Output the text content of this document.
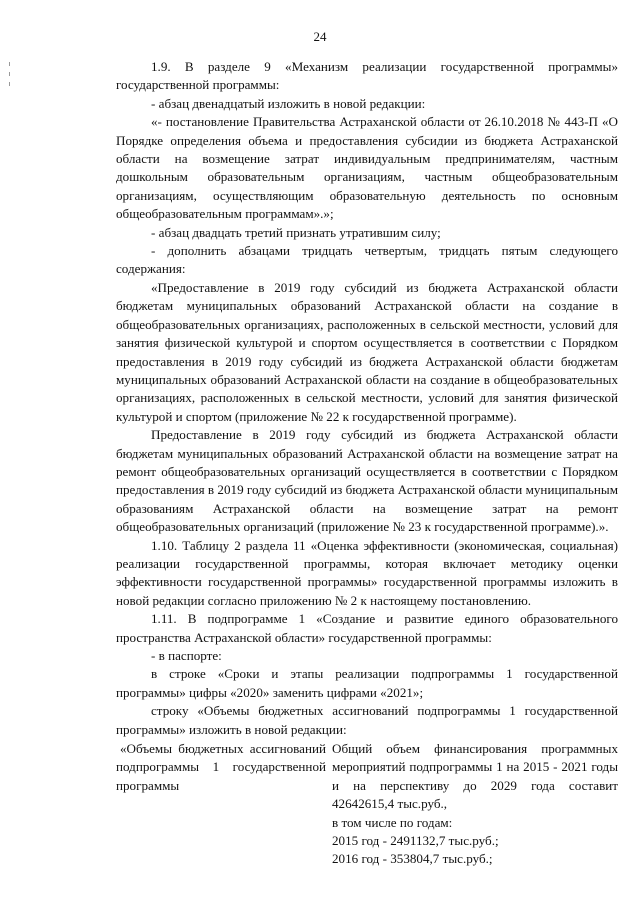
24

1.9. В разделе 9 «Механизм реализации государственной программы» государственной программы:

- абзац двенадцатый изложить в новой редакции:

«- постановление Правительства Астраханской области от 26.10.2018 № 443-П «О Порядке определения объема и предоставления субсидии из бюджета Астраханской области на возмещение затрат индивидуальным предпринимателям, частным дошкольным образовательным организациям, частным общеобразовательным организациям, осуществляющим образовательную деятельность по основным общеобразовательным программам».»;

- абзац двадцать третий признать утратившим силу;

- дополнить абзацами тридцать четвертым, тридцать пятым следующего содержания:

«Предоставление в 2019 году субсидий из бюджета Астраханской области бюджетам муниципальных образований Астраханской области на создание в общеобразовательных организациях, расположенных в сельской местности, условий для занятия физической культурой и спортом осуществляется в соответствии с Порядком предоставления в 2019 году субсидий из бюджета Астраханской области бюджетам муниципальных образований Астраханской области на создание в общеобразовательных организациях, расположенных в сельской местности, условий для занятия физической культурой и спортом (приложение № 22 к государственной программе).

Предоставление в 2019 году субсидий из бюджета Астраханской области бюджетам муниципальных образований Астраханской области на возмещение затрат на ремонт общеобразовательных организаций осуществляется в соответствии с Порядком предоставления в 2019 году субсидий из бюджета Астраханской области муниципальным образованиям Астраханской области на возмещение затрат на ремонт общеобразовательных организаций (приложение № 23 к государственной программе).».

1.10. Таблицу 2 раздела 11 «Оценка эффективности (экономическая, социальная) реализации государственной программы, которая включает методику оценки эффективности государственной программы» государственной программы изложить в новой редакции согласно приложению № 2 к настоящему постановлению.

1.11. В подпрограмме 1 «Создание и развитие единого образовательного пространства Астраханской области» государственной программы:

- в паспорте:

в строке «Сроки и этапы реализации подпрограммы 1 государственной программы» цифры «2020» заменить цифрами «2021»;

строку «Объемы бюджетных ассигнований подпрограммы 1 государственной программы» изложить в новой редакции:

«Объемы бюджетных ассигнований подпрограммы 1 государственной программы
Общий объем финансирования программных мероприятий подпрограммы 1 на 2015 - 2021 годы и на перспективу до 2029 года составит 42642615,4 тыс.руб.,
в том числе по годам:
2015 год - 2491132,7 тыс.руб.;
2016 год - 353804,7 тыс.руб.;
